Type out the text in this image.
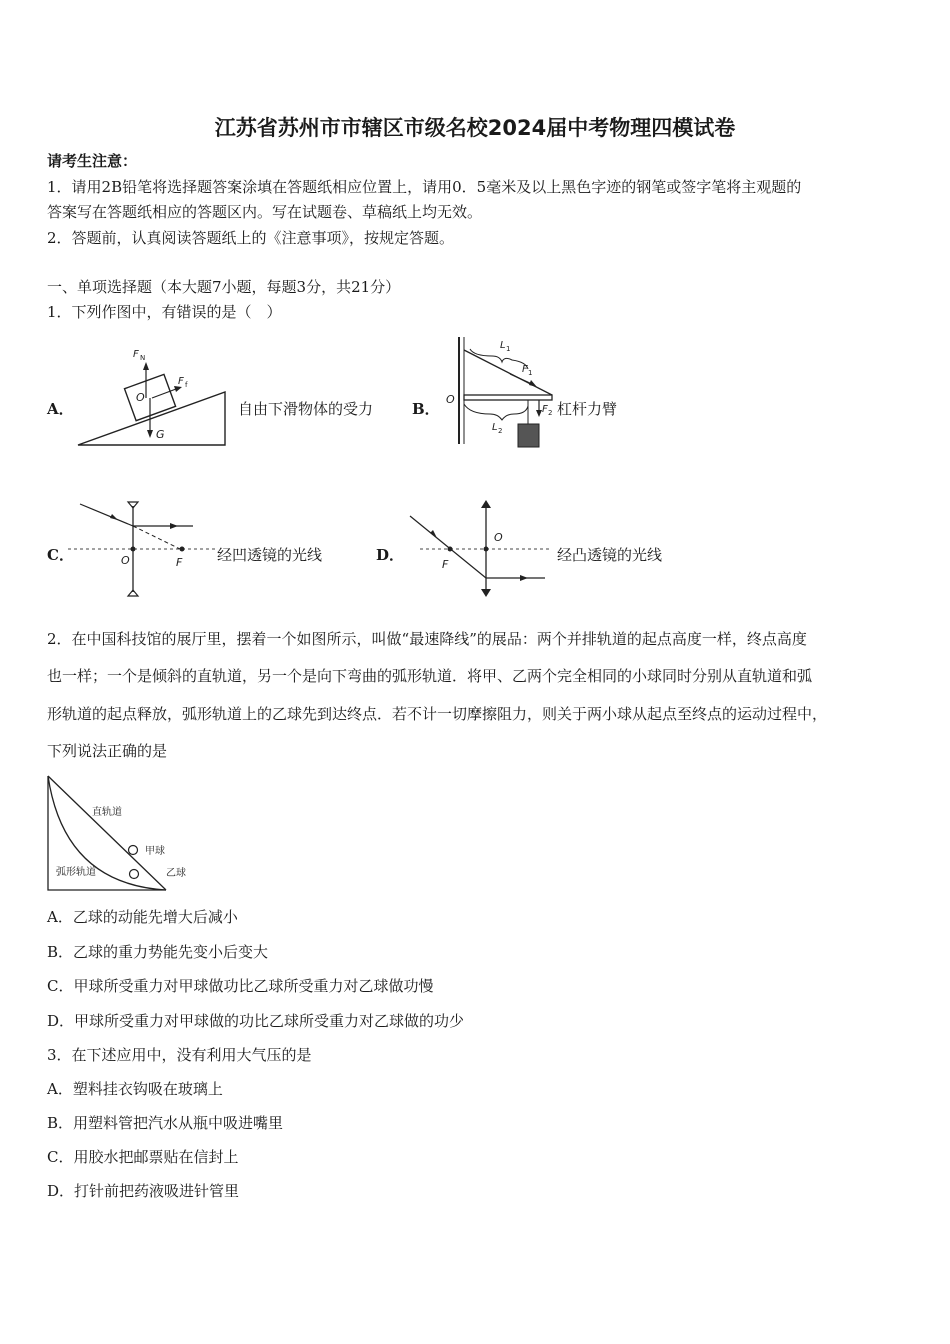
江苏省苏州市市辖区市级名校2024届中考物理四模试卷
请考生注意：
1．请用2B铅笔将选择题答案涂填在答题纸相应位置上，请用0．5毫米及以上黑色字迹的钢笔或签字笔将主观题的
答案写在答题纸相应的答题区内。写在试题卷、草稿纸上均无效。
2．答题前，认真阅读答题纸上的《注意事项》，按规定答题。
一、单项选择题（本大题7小题，每题3分，共21分）
1．下列作图中，有错误的是（　）
A．
F N
F f
O
G
自由下滑物体的受力	B．
L 1
F 1
O
F 2
L 2
杠杆力臂
C．	O	F 经凹透镜的光线	D．
O
F
经凸透镜的光线
2．在中国科技馆的展厅里，摆着一个如图所示，叫做“最速降线”的展品：两个并排轨道的起点高度一样，终点高度
也一样；一个是倾斜的直轨道，另一个是向下弯曲的弧形轨道．将甲、乙两个完全相同的小球同时分别从直轨道和弧
形轨道的起点释放，弧形轨道上的乙球先到达终点．若不计一切摩擦阻力，则关于两小球从起点至终点的运动过程中，
下列说法正确的是
直轨道
甲球
弧形轨道	乙球
A．乙球的动能先增大后减小
B．乙球的重力势能先变小后变大
C．甲球所受重力对甲球做功比乙球所受重力对乙球做功慢
D．甲球所受重力对甲球做的功比乙球所受重力对乙球做的功少
3．在下述应用中，没有利用大气压的是
A．塑料挂衣钩吸在玻璃上
B．用塑料管把汽水从瓶中吸进嘴里
C．用胶水把邮票贴在信封上
D．打针前把药液吸进针管里
